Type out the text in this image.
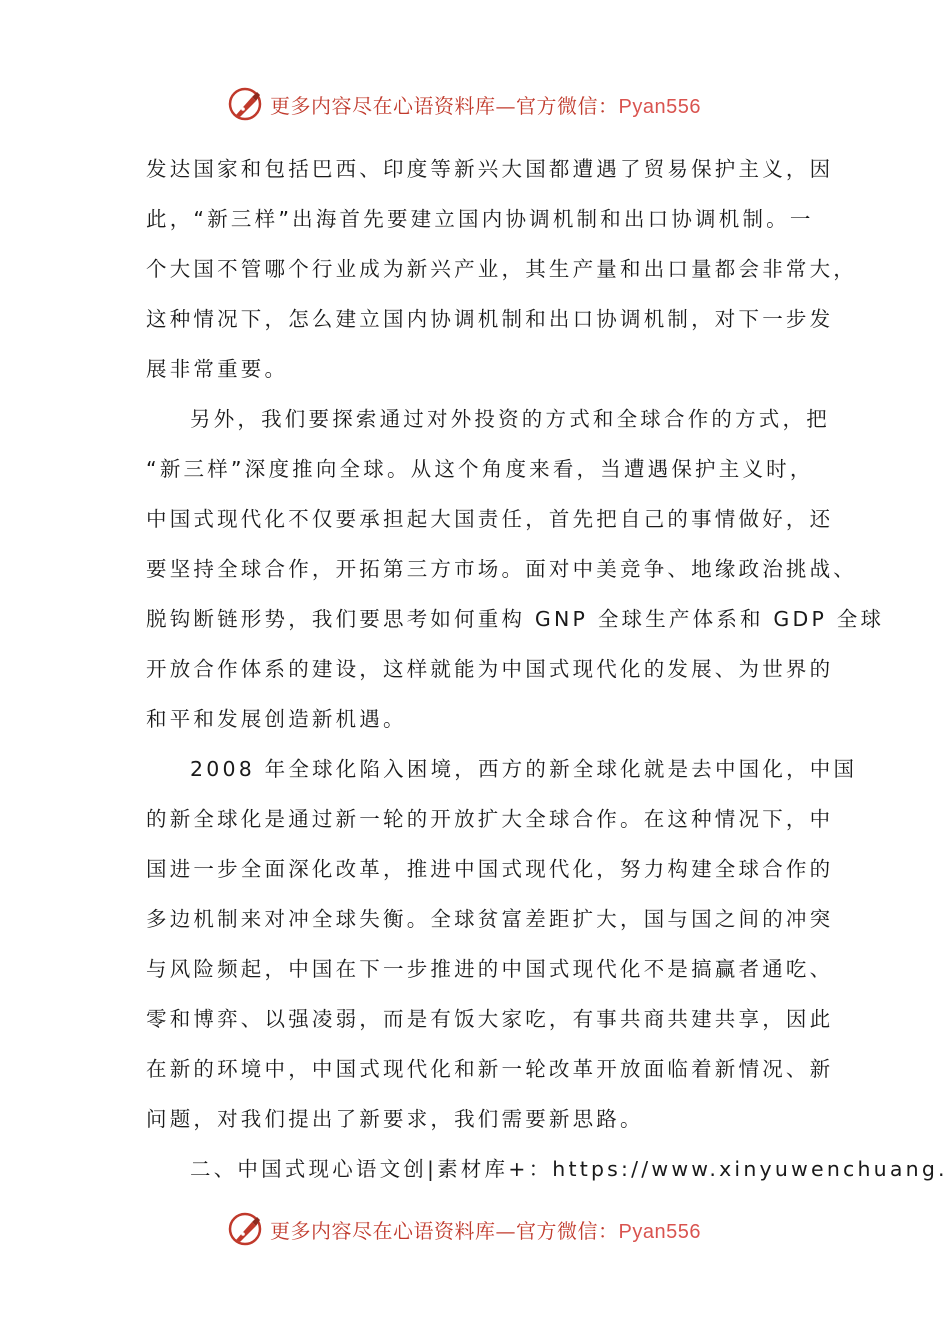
更多内容尽在心语资料库—官方微信：Pyan556
发达国家和包括巴西、印度等新兴大国都遭遇了贸易保护主义，因
此，“新三样”出海首先要建立国内协调机制和出口协调机制。一
个大国不管哪个行业成为新兴产业，其生产量和出口量都会非常大，
这种情况下，怎么建立国内协调机制和出口协调机制，对下一步发
展非常重要。
另外，我们要探索通过对外投资的方式和全球合作的方式，把
“新三样”深度推向全球。从这个角度来看，当遭遇保护主义时，
中国式现代化不仅要承担起大国责任，首先把自己的事情做好，还
要坚持全球合作，开拓第三方市场。面对中美竞争、地缘政治挑战、
脱钩断链形势，我们要思考如何重构 GNP 全球生产体系和 GDP 全球
开放合作体系的建设，这样就能为中国式现代化的发展、为世界的
和平和发展创造新机遇。
2008 年全球化陷入困境，西方的新全球化就是去中国化，中国
的新全球化是通过新一轮的开放扩大全球合作。在这种情况下，中
国进一步全面深化改革，推进中国式现代化，努力构建全球合作的
多边机制来对冲全球失衡。全球贫富差距扩大，国与国之间的冲突
与风险频起，中国在下一步推进的中国式现代化不是搞赢者通吃、
零和博弈、以强凌弱，而是有饭大家吃，有事共商共建共享，因此
在新的环境中，中国式现代化和新一轮改革开放面临着新情况、新
问题，对我们提出了新要求，我们需要新思路。
二、中国式现心语文创|素材库+：https://www.xinyuwenchuang.
更多内容尽在心语资料库—官方微信：Pyan556
